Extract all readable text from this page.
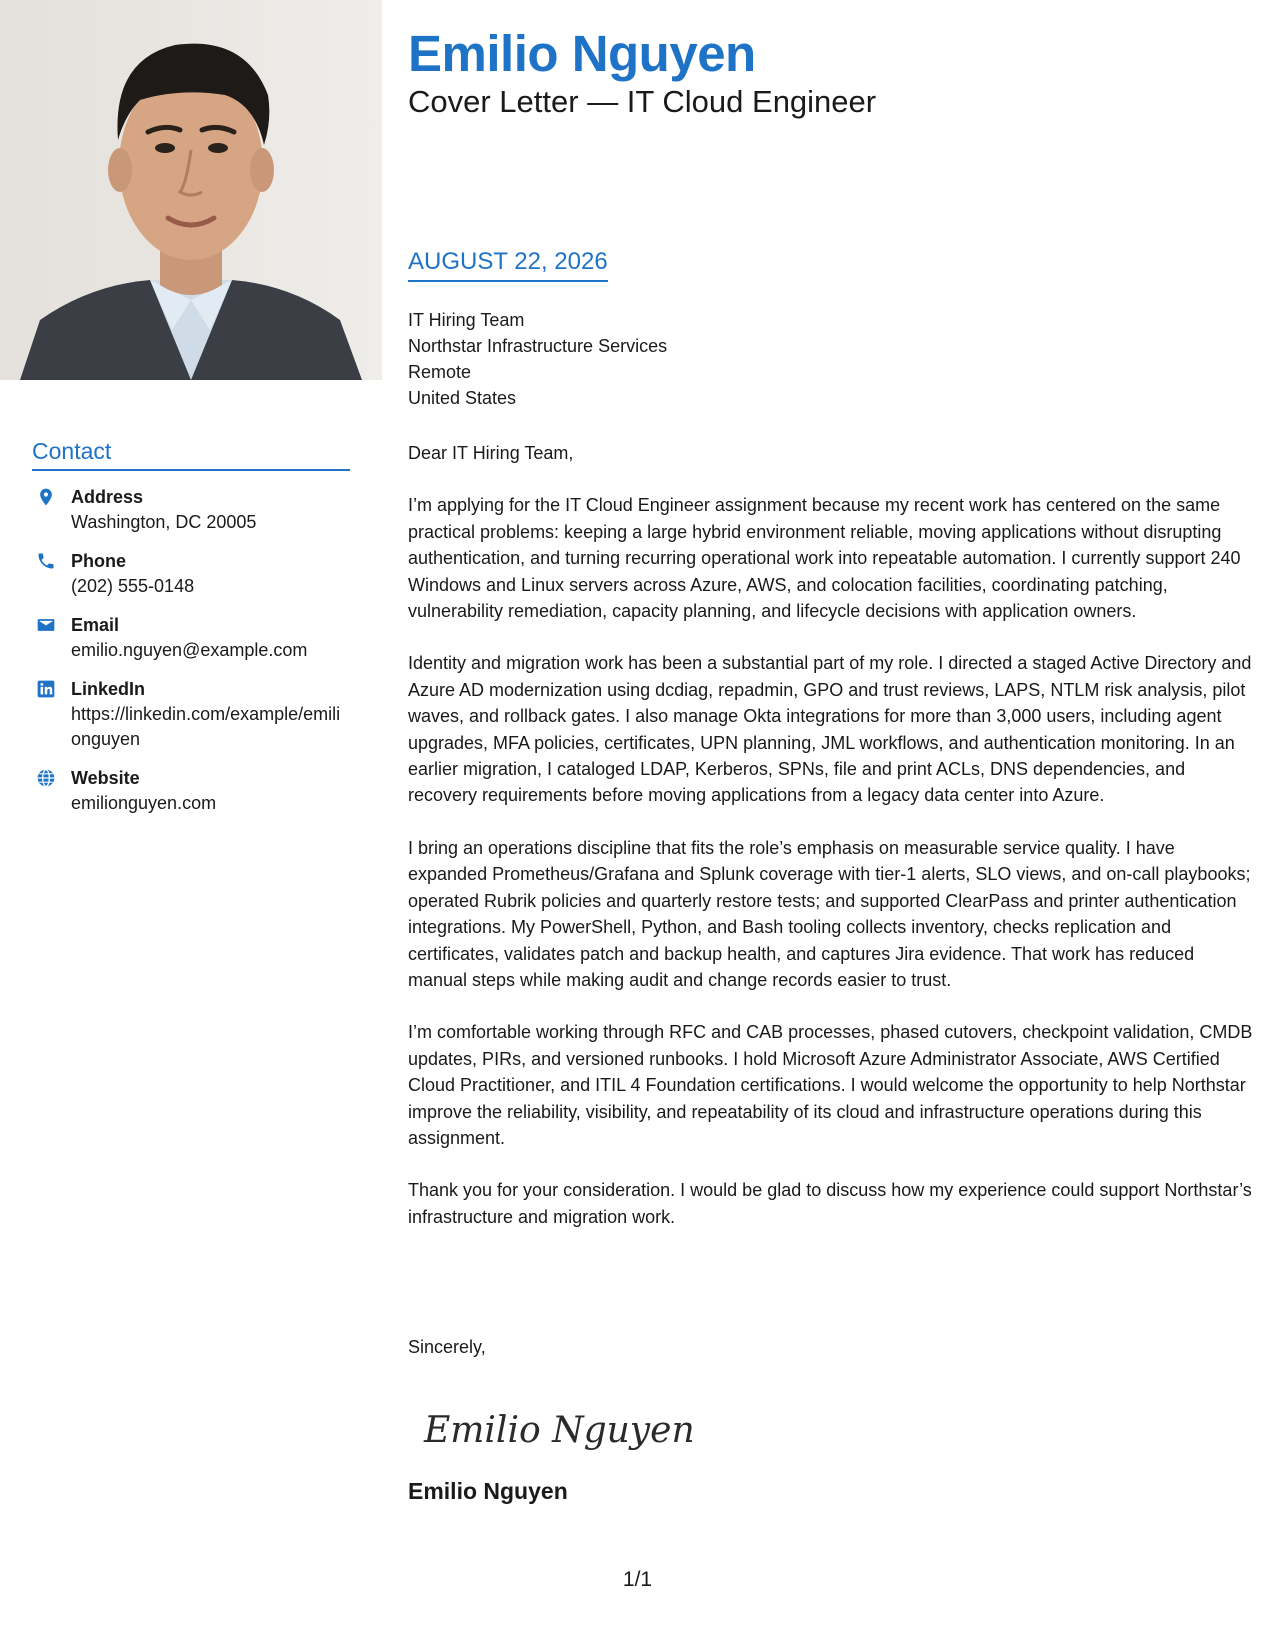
Contact
Address
Washington, DC 20005
Phone
(202) 555-0148
Email
emilio.nguyen@example.com
LinkedIn
https://linkedin.com/example/emilionguyen
Website
emilionguyen.com
Emilio Nguyen
Cover Letter — IT Cloud Engineer
AUGUST 22, 2026
IT Hiring Team
Northstar Infrastructure Services
Remote
United States
Dear IT Hiring Team,

I’m applying for the IT Cloud Engineer assignment because my recent work has centered on the same practical problems: keeping a large hybrid environment reliable, moving applications without disrupting authentication, and turning recurring operational work into repeatable automation. I currently support 240 Windows and Linux servers across Azure, AWS, and colocation facilities, coordinating patching, vulnerability remediation, capacity planning, and lifecycle decisions with application owners.

Identity and migration work has been a substantial part of my role. I directed a staged Active Directory and Azure AD modernization using dcdiag, repadmin, GPO and trust reviews, LAPS, NTLM risk analysis, pilot waves, and rollback gates. I also manage Okta integrations for more than 3,000 users, including agent upgrades, MFA policies, certificates, UPN planning, JML workflows, and authentication monitoring. In an earlier migration, I cataloged LDAP, Kerberos, SPNs, file and print ACLs, DNS dependencies, and recovery requirements before moving applications from a legacy data center into Azure.

I bring an operations discipline that fits the role’s emphasis on measurable service quality. I have expanded Prometheus/Grafana and Splunk coverage with tier-1 alerts, SLO views, and on-call playbooks; operated Rubrik policies and quarterly restore tests; and supported ClearPass and printer authentication integrations. My PowerShell, Python, and Bash tooling collects inventory, checks replication and certificates, validates patch and backup health, and captures Jira evidence. That work has reduced manual steps while making audit and change records easier to trust.

I’m comfortable working through RFC and CAB processes, phased cutovers, checkpoint validation, CMDB updates, PIRs, and versioned runbooks. I hold Microsoft Azure Administrator Associate, AWS Certified Cloud Practitioner, and ITIL 4 Foundation certifications. I would welcome the opportunity to help Northstar improve the reliability, visibility, and repeatability of its cloud and infrastructure operations during this assignment.

Thank you for your consideration. I would be glad to discuss how my experience could support Northstar’s infrastructure and migration work.

Sincerely,
Emilio Nguyen
Emilio Nguyen
1/1
